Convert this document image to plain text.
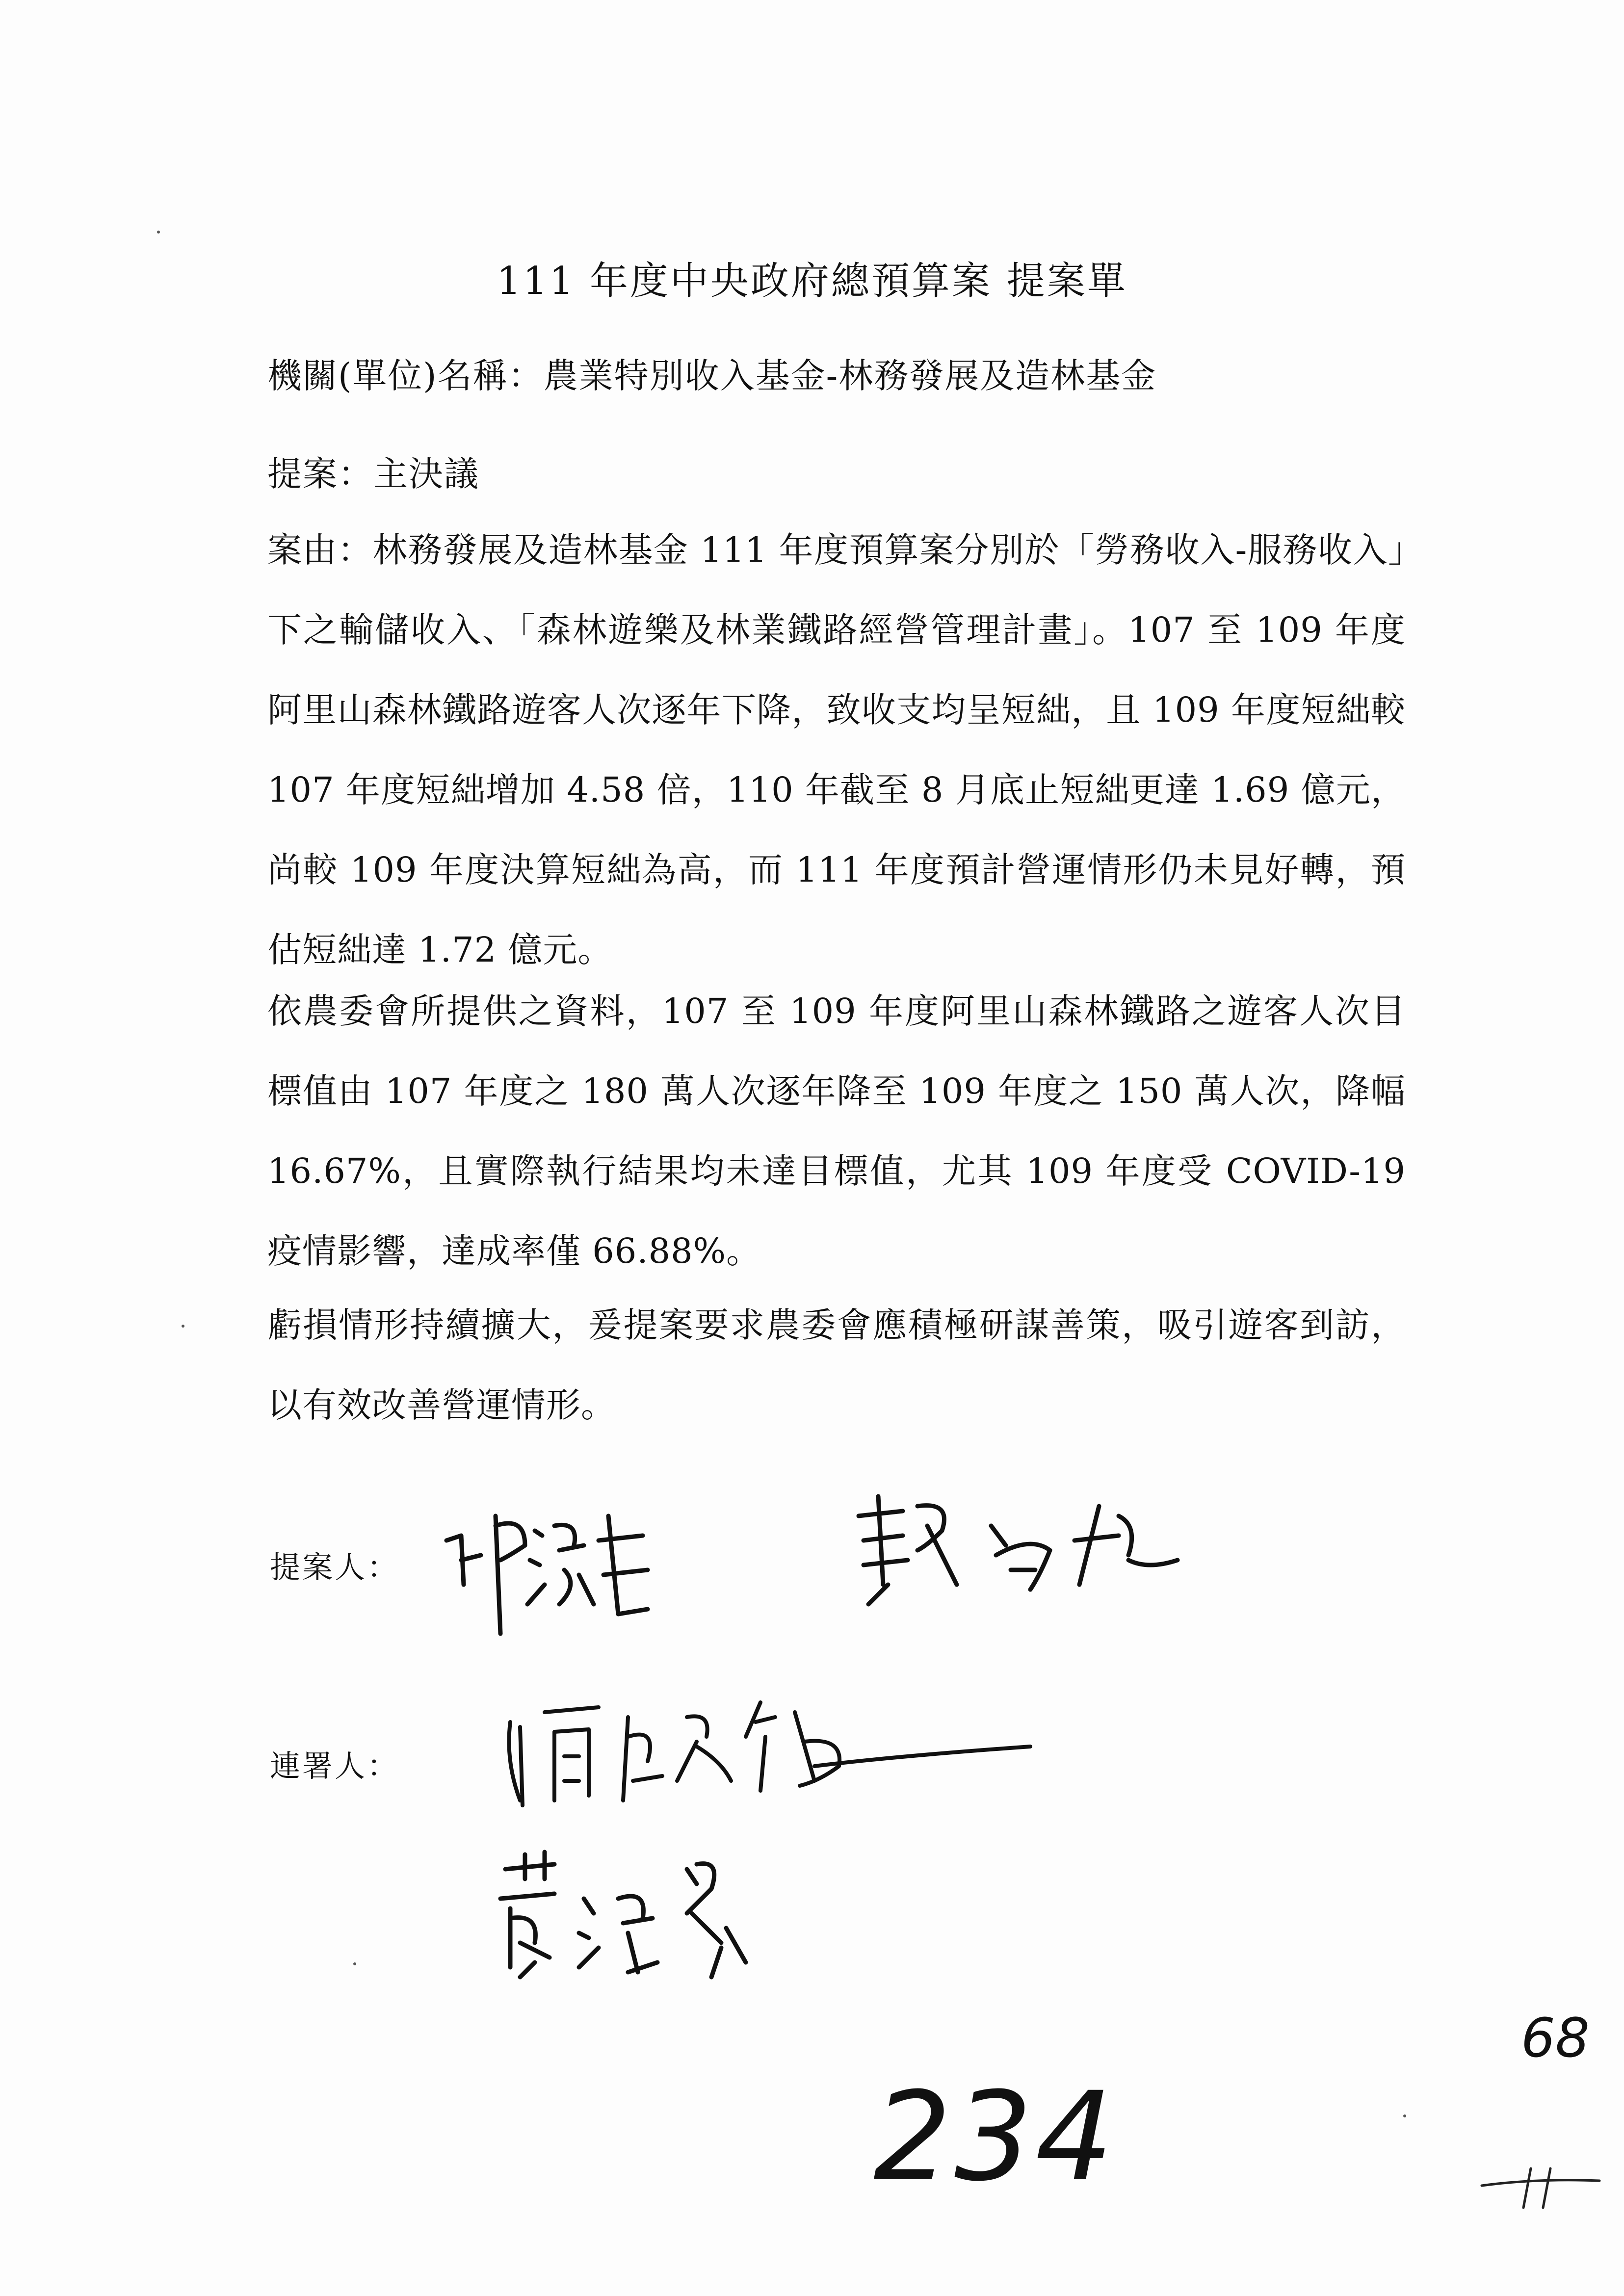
111 年度中央政府總預算案 提案單
機關(單位)名稱：農業特別收入基金-林務發展及造林基金
提案：主決議
案由：林務發展及造林基金 111 年度預算案分別於「勞務收入-服務收入」下之輸儲收入、「森林遊樂及林業鐵路經營管理計畫」。107 至 109 年度阿里山森林鐵路遊客人次逐年下降，致收支均呈短絀，且 109 年度短絀較 107 年度短絀增加 4.58 倍，110 年截至 8 月底止短絀更達 1.69 億元，尚較 109 年度決算短絀為高，而 111 年度預計營運情形仍未見好轉，預估短絀達 1.72 億元。
依農委會所提供之資料，107 至 109 年度阿里山森林鐵路之遊客人次目標值由 107 年度之 180 萬人次逐年降至 109 年度之 150 萬人次，降幅 16.67%，且實際執行結果均未達目標值，尤其 109 年度受 COVID-19 疫情影響，達成率僅 66.88%。
虧損情形持續擴大，爰提案要求農委會應積極研謀善策，吸引遊客到訪，以有效改善營運情形。
提案人：
連署人：
234
68
